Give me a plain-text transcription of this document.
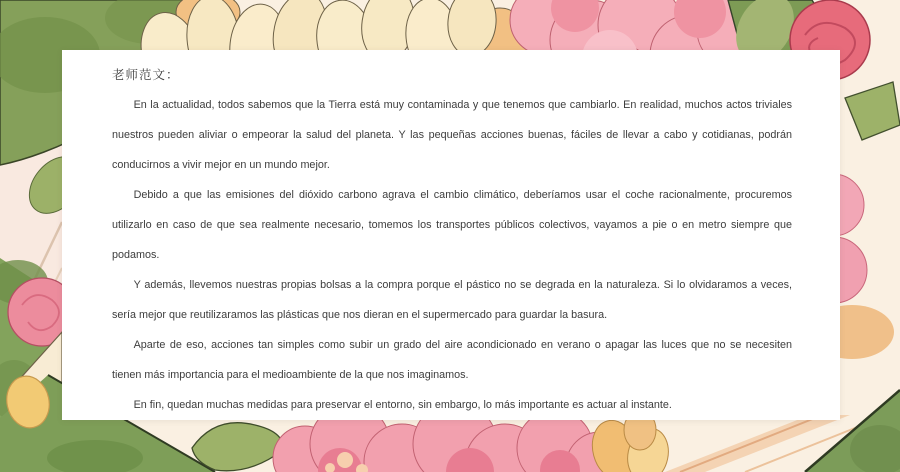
老师范文：

En la actualidad, todos sabemos que la Tierra está muy contaminada y que tenemos que cambiarlo. En realidad, muchos actos triviales nuestros pueden aliviar o empeorar la salud del planeta. Y las pequeñas acciones buenas, fáciles de llevar a cabo y cotidianas, podrán conducirnos a vivir mejor en un mundo mejor.

Debido a que las emisiones del dióxido carbono agrava el cambio climático, deberíamos usar el coche racionalmente, procuremos utilizarlo en caso de que sea realmente necesario, tomemos los transportes públicos colectivos, vayamos a pie o en metro siempre que podamos.

Y además, llevemos nuestras propias bolsas a la compra porque el pástico no se degrada en la naturaleza. Si lo olvidaramos a veces, sería mejor que reutilizaramos las plásticas que nos dieran en el supermercado para guardar la basura.

Aparte de eso, acciones tan simples como subir un grado del aire acondicionado en verano o apagar las luces que no se necesiten tienen más importancia para el medioambiente de la que nos imaginamos.

En fin, quedan muchas medidas para preservar el entorno, sin embargo, lo más importante es actuar al instante.
